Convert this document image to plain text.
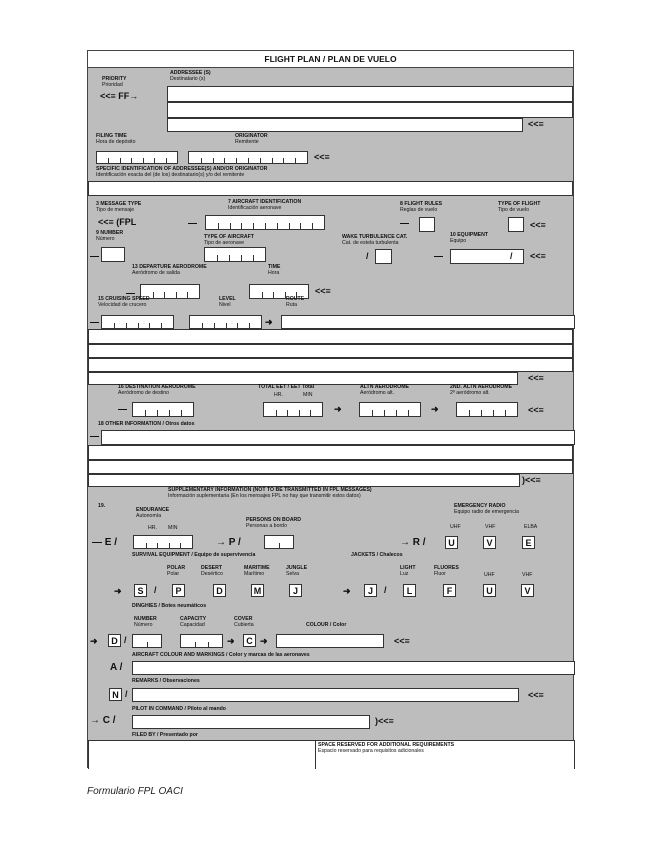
FLIGHT PLAN / PLAN DE VUELO
PRIORITY
Prioridad
<<≡ FF→
ADDRESSEE (S)
Destinatario (s)
<<≡
FILING TIME
Hora de depósito
ORIGINATOR
Remitente
<<≡
SPECIFIC IDENTIFICATION OF ADDRESSEE(S) AND/OR ORIGINATOR
Identificación exacta del (de los) destinatario(s) y/o del remitente
3 MESSAGE TYPE
Tipo de mensaje
<<≡ (FPL
7 AIRCRAFT IDENTIFICATION
Identificación aeronave
8 FLIGHT RULES
Reglas de vuelo
TYPE OF FLIGHT
Tipo de vuelo
<<≡
9 NUMBER
Número	TYPE OF AIRCRAFT
Tipo de aeronave
WAKE TURBULENCE CAT.
Cat. de estela turbulenta
/
10 EQUIPMENT
Equipo
/ <<≡
13 DEPARTURE AERODROME
Aeródromo de salida
TIME
Hora
<<≡
15 CRUISING SPEED
Velocidad de crucero
LEVEL
Nivel
➜
ROUTE
Ruta
<<≡
16 DESTINATION AERODROME
Aeródromo de destino
TOTAL EET / EET Total
HR.	MIN
➜
ALTN AERODROME
Aeródromo alt.
➜
2ND. ALTN AERODROME
2º aeródromo alt.
<<≡
18 OTHER INFORMATION / Otros datos
)<<≡
SUPPLEMENTARY INFORMATION (NOT TO BE TRANSMITTED IN FPL MESSAGES)
Información suplementaria (En los mensajes FPL no hay que transmitir estos datos)
19.
ENDURANCE
Autonomía
HR. MIN
— E /
PERSONS ON BOARD
Personas a bordo
→ P /
EMERGENCY RADIO
Equipo radio de emergencia
UHF	VHF	ELBA
→ R /	U	V	E
SURVIVAL EQUIPMENT / Equipo de supervivencia	JACKETS / Chalecos
POLAR
Polar
DESERT
Desértico
MARITIME
Marítimo
JUNGLE
Selva
LIGHT
Luz
FLUORES
Fluor	UHF	VHF
➜	S	/	P	D	M	J	➜	J	/	L	F	U	V
DINGHIES / Botes neumáticos
NUMBER
Número
CAPACITY
Capacidad
COVER
Cubierta	COLOUR / Color
➜	D /	➜	C ➜	<<≡
AIRCRAFT COLOUR AND MARKINGS / Color y marcas de las aeronaves
A /
REMARKS / Observaciones
N /	<<≡
PILOT IN COMMAND / Piloto al mando
→ C /	)<<≡
FILED BY / Presentado por
SPACE RESERVED FOR ADDITIONAL REQUIREMENTS
Espacio reservado para requisitos adicionales
Formulario FPL OACI
